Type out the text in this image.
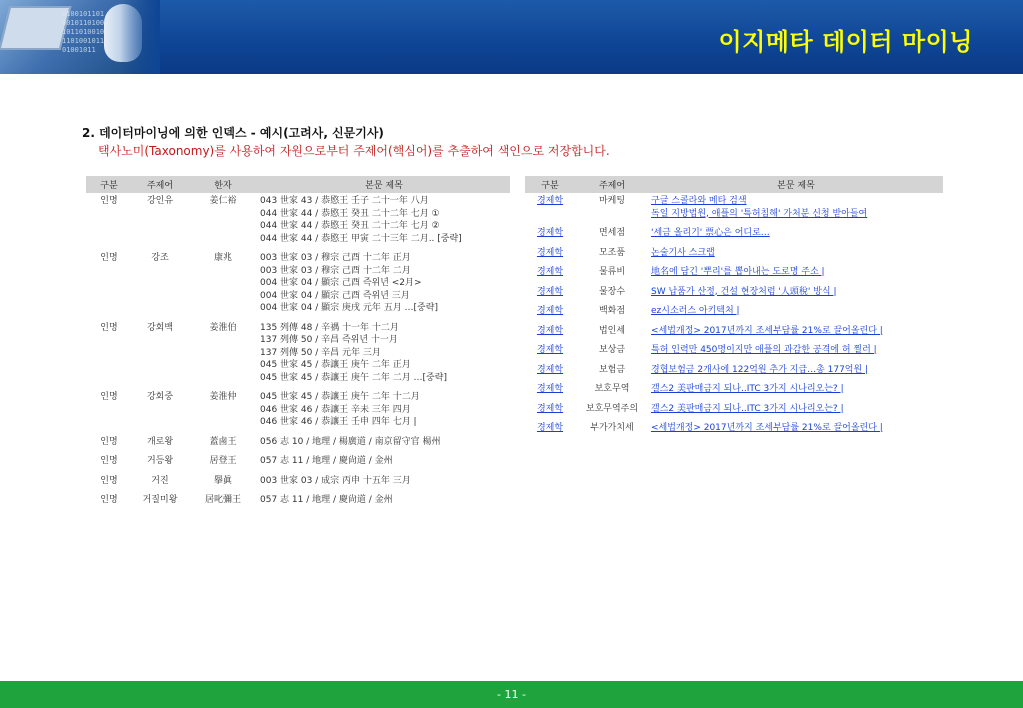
010010110100101101001011010010110100101101001011	이지메타 데이터 마이닝
2. 데이터마이닝에 의한 인덱스 - 예시(고려사, 신문기사)
택사노미(Taxonomy)를 사용하여 자원으로부터 주제어(핵심어)를 추출하여 색인으로 저장합니다.
구분	주제어	한자	본문 제목
인명	강인유	姜仁裕	043 世家 43 / 恭愍王 壬子 二十一年 八月
044 世家 44 / 恭愍王 癸丑 二十二年 七月 ①
044 世家 44 / 恭愍王 癸丑 二十二年 七月 ②
044 世家 44 / 恭愍王 甲寅 二十三年 二月.. [중략]

인명	강조	康兆	003 世家 03 / 穆宗 己酉 十二年 正月
003 世家 03 / 穆宗 己酉 十二年 二月
004 世家 04 / 顯宗 己酉 즉위년 <2月>
004 世家 04 / 顯宗 己酉 즉위년 三月
004 世家 04 / 顯宗 庚戌 元年 五月 …[중략]

인명	강회백	姜淮伯	135 列傳 48 / 辛禑 十一年 十二月
137 列傳 50 / 辛昌 즉위년 十一月
137 列傳 50 / 辛昌 元年 三月
045 世家 45 / 恭讓王 庚午 二年 正月
045 世家 45 / 恭讓王 庚午 二年 二月 …[중략]

인명	강회중	姜淮仲	045 世家 45 / 恭讓王 庚午 二年 十二月
046 世家 46 / 恭讓王 辛未 三年 四月
046 世家 46 / 恭讓王 壬申 四年 七月 |

인명	개로왕	蓋鹵王	056 志 10 / 地理 / 楊廣道 / 南京留守官 楊州

인명	거등왕	居登王	057 志 11 / 地理 / 慶尙道 / 金州

인명	거진	擧眞	003 世家 03 / 成宗 丙申 十五年 三月

인명	거질미왕	居叱彌王	057 志 11 / 地理 / 慶尙道 / 金州
구분	주제어	본문 제목
경제학	마케팅	구글 스콜라와 메타 검색
독일 지방법원, 애플의 '특허침해' 가처분 신청 받아들여

경제학	면세점	'세금 올리기' 票心은 어디로…

경제학	모조품	논술기사 스크랩

경제학	물류비	地名에 담긴 '뿌리'를 뽑아내는 도로명 주소 |

경제학	물장수	SW 납품가 산정, 건설 현장처럼 '人頭稅' 방식 |

경제학	백화점	ez시소러스 아키텍처 |

경제학	법인세	<세법개정> 2017년까지 조세부담률 21%로 끌어올린다 |

경제학	보상금	특허 인력만 450명이지만 애플의 과감한 공격에 허 찔러 |

경제학	보험금	경협보험금 2개사에 122억원 추가 지급…총 177억원 |

경제학	보호무역	갤스2 美판매금지 되나..ITC 3가지 시나리오는? |

경제학	보호무역주의	갤스2 美판매금지 되나..ITC 3가지 시나리오는? |

경제학	부가가치세	<세법개정> 2017년까지 조세부담률 21%로 끌어올린다 |
- 11 -
